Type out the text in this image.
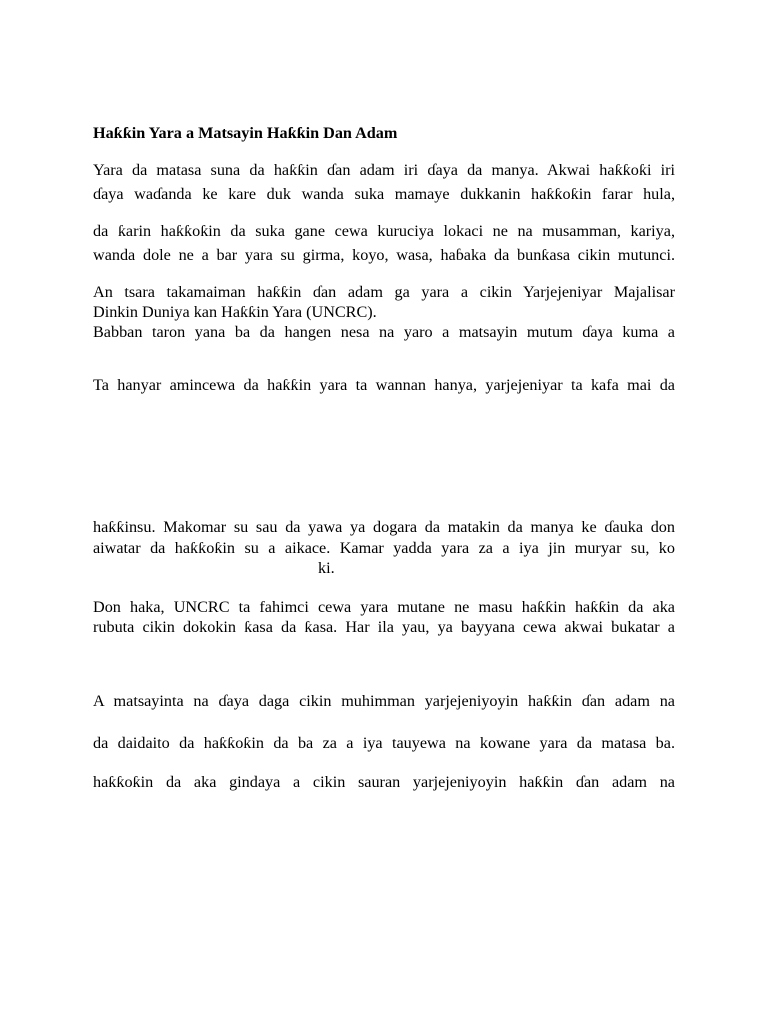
Haƙƙin Yara a Matsayin Haƙƙin Dan Adam
Yara da matasa suna da haƙƙin ɗan adam iri ɗaya da manya. Akwai haƙƙoƙi iri
ɗaya waɗanda ke kare duk wanda suka mamaye dukkanin haƙƙoƙin farar hula,
da ƙarin haƙƙoƙin da suka gane cewa kuruciya lokaci ne na musamman, kariya,
wanda dole ne a bar yara su girma, koyo, wasa, haɓaka da bunƙasa cikin mutunci.
An tsara takamaiman haƙƙin ɗan adam ga yara a cikin Yarjejeniyar Majalisar
Dinkin Duniya kan Haƙƙin Yara (UNCRC).
Babban taron yana ba da hangen nesa na yaro a matsayin mutum ɗaya kuma a
Ta hanyar amincewa da haƙƙin yara ta wannan hanya, yarjejeniyar ta kafa mai da
haƙƙinsu. Makomar su sau da yawa ya dogara da matakin da manya ke ɗauka don
aiwatar da haƙƙoƙin su a aikace. Kamar yadda yara za a iya jin muryar su, ko
ki.
Don haka, UNCRC ta fahimci cewa yara mutane ne masu haƙƙin haƙƙin da aka
rubuta cikin dokokin ƙasa da ƙasa. Har ila yau, ya bayyana cewa akwai bukatar a
A matsayinta na ɗaya daga cikin muhimman yarjejeniyoyin haƙƙin ɗan adam na
da daidaito da haƙƙoƙin da ba za a iya tauyewa na kowane yara da matasa ba.
haƙƙoƙin da aka gindaya a cikin sauran yarjejeniyoyin haƙƙin ɗan adam na
